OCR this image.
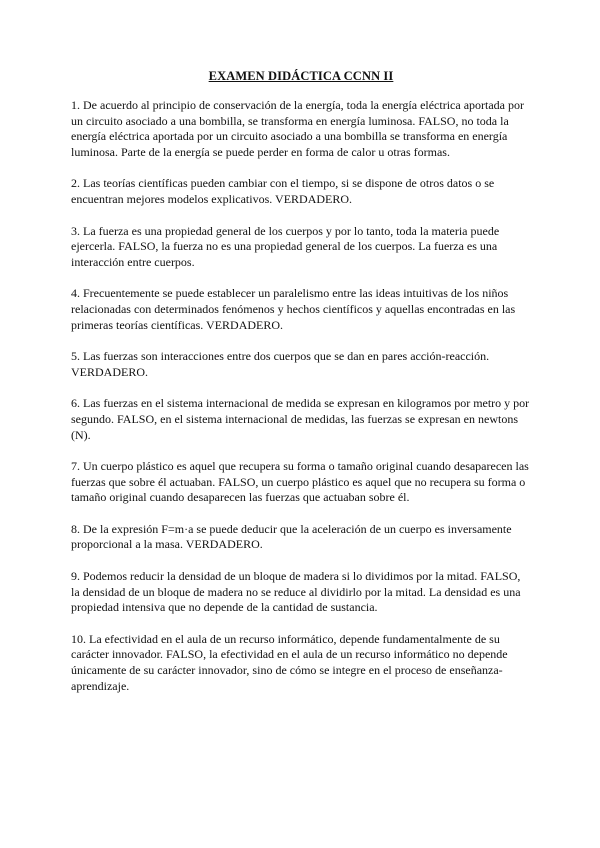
EXAMEN DIDÁCTICA CCNN II

1. De acuerdo al principio de conservación de la energía, toda la energía eléctrica aportada por un circuito asociado a una bombilla, se transforma en energía luminosa. FALSO, no toda la energía eléctrica aportada por un circuito asociado a una bombilla se transforma en energía luminosa. Parte de la energía se puede perder en forma de calor u otras formas.

2. Las teorías científicas pueden cambiar con el tiempo, si se dispone de otros datos o se encuentran mejores modelos explicativos. VERDADERO.

3. La fuerza es una propiedad general de los cuerpos y por lo tanto, toda la materia puede ejercerla. FALSO, la fuerza no es una propiedad general de los cuerpos. La fuerza es una interacción entre cuerpos.

4. Frecuentemente se puede establecer un paralelismo entre las ideas intuitivas de los niños relacionadas con determinados fenómenos y hechos científicos y aquellas encontradas en las primeras teorías científicas. VERDADERO.

5. Las fuerzas son interacciones entre dos cuerpos que se dan en pares acción-reacción. VERDADERO.

6. Las fuerzas en el sistema internacional de medida se expresan en kilogramos por metro y por segundo. FALSO, en el sistema internacional de medidas, las fuerzas se expresan en newtons (N).

7. Un cuerpo plástico es aquel que recupera su forma o tamaño original cuando desaparecen las fuerzas que sobre él actuaban. FALSO, un cuerpo plástico es aquel que no recupera su forma o tamaño original cuando desaparecen las fuerzas que actuaban sobre él.

8. De la expresión F=m·a se puede deducir que la aceleración de un cuerpo es inversamente proporcional a la masa. VERDADERO.

9. Podemos reducir la densidad de un bloque de madera si lo dividimos por la mitad. FALSO, la densidad de un bloque de madera no se reduce al dividirlo por la mitad. La densidad es una propiedad intensiva que no depende de la cantidad de sustancia.

10. La efectividad en el aula de un recurso informático, depende fundamentalmente de su carácter innovador. FALSO, la efectividad en el aula de un recurso informático no depende únicamente de su carácter innovador, sino de cómo se integre en el proceso de enseñanza-aprendizaje.
